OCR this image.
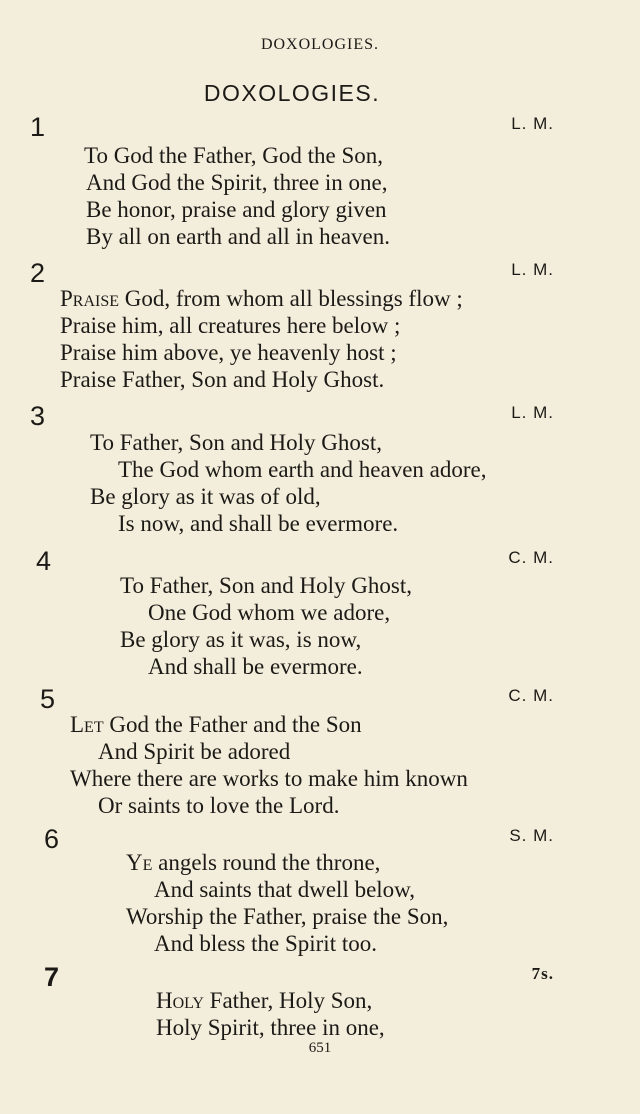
DOXOLOGIES.
DOXOLOGIES.
1	L. M.
To God the Father, God the Son,
And God the Spirit, three in one,
Be honor, praise and glory given
By all on earth and all in heaven.
2	L. M.
Praise God, from whom all blessings flow ;
Praise him, all creatures here below ;
Praise him above, ye heavenly host ;
Praise Father, Son and Holy Ghost.
3	L. M.
To Father, Son and Holy Ghost,
The God whom earth and heaven adore,
Be glory as it was of old,
Is now, and shall be evermore.
4	C. M.
To Father, Son and Holy Ghost,
One God whom we adore,
Be glory as it was, is now,
And shall be evermore.
5	C. M.
Let God the Father and the Son
And Spirit be adored
Where there are works to make him known
Or saints to love the Lord.
6	S. M.
Ye angels round the throne,
And saints that dwell below,
Worship the Father, praise the Son,
And bless the Spirit too.
7	7s.
Holy Father, Holy Son,
Holy Spirit, three in one,
651
